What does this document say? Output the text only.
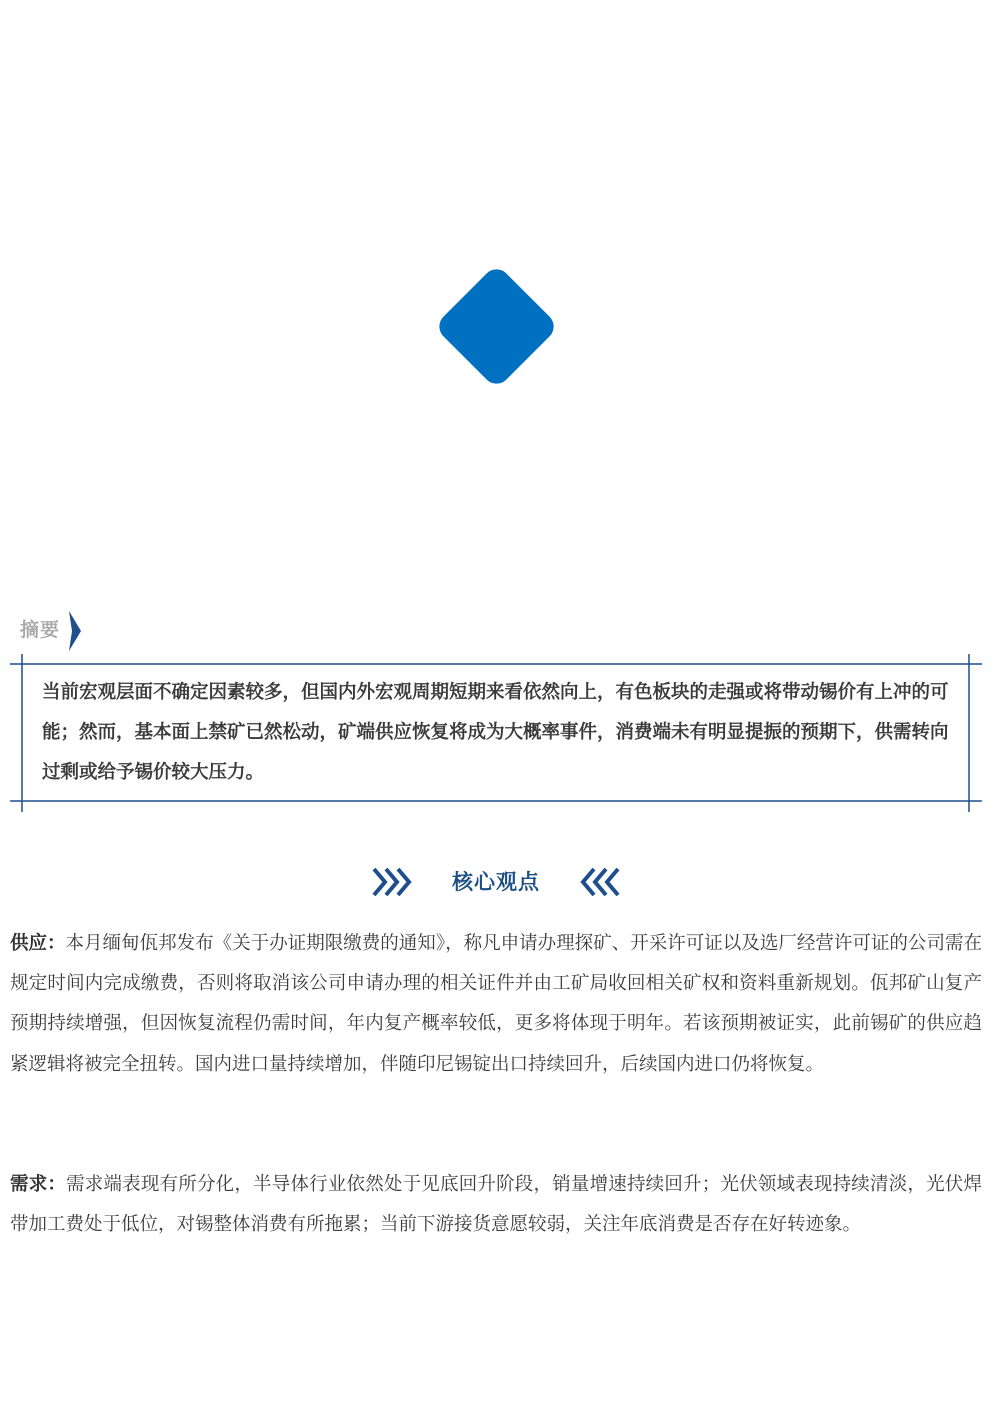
摘要

当前宏观层面不确定因素较多，但国内外宏观周期短期来看依然向上，有色板块的走强或将带动锡价有上冲的可能；然而，基本面上禁矿已然松动，矿端供应恢复将成为大概率事件，消费端未有明显提振的预期下，供需转向过剩或给予锡价较大压力。

核心观点

供应：本月缅甸佤邦发布《关于办证期限缴费的通知》，称凡申请办理探矿、开采许可证以及选厂经营许可证的公司需在规定时间内完成缴费，否则将取消该公司申请办理的相关证件并由工矿局收回相关矿权和资料重新规划。佤邦矿山复产预期持续增强，但因恢复流程仍需时间，年内复产概率较低，更多将体现于明年。若该预期被证实，此前锡矿的供应趋紧逻辑将被完全扭转。国内进口量持续增加，伴随印尼锡锭出口持续回升，后续国内进口仍将恢复。

需求：需求端表现有所分化，半导体行业依然处于见底回升阶段，销量增速持续回升；光伏领域表现持续清淡，光伏焊带加工费处于低位，对锡整体消费有所拖累；当前下游接货意愿较弱，关注年底消费是否存在好转迹象。
